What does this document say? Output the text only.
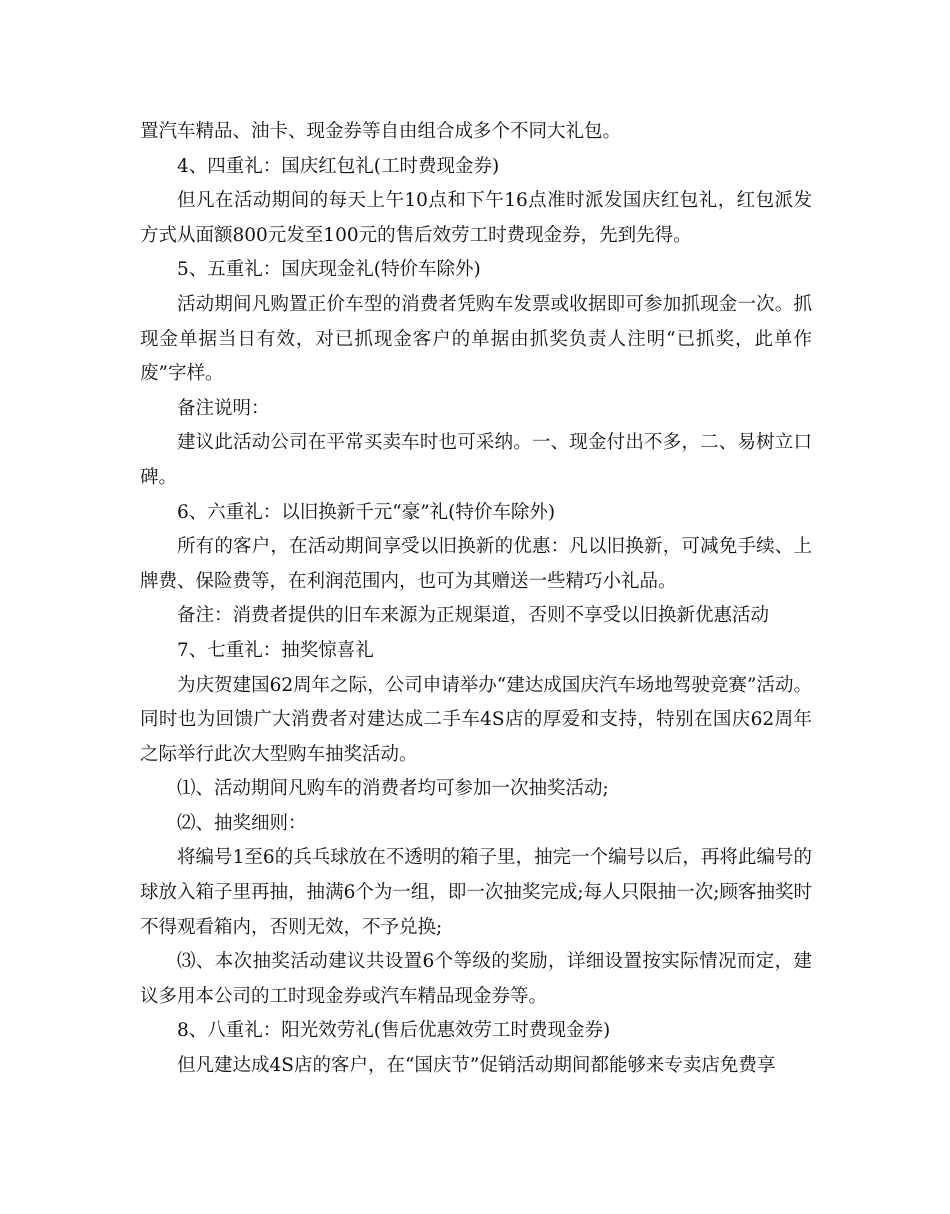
置汽车精品、油卡、现金券等自由组合成多个不同大礼包。

4、四重礼：国庆红包礼(工时费现金券)

但凡在活动期间的每天上午10点和下午16点准时派发国庆红包礼，红包派发方式从面额800元发至100元的售后效劳工时费现金券，先到先得。

5、五重礼：国庆现金礼(特价车除外)

活动期间凡购置正价车型的消费者凭购车发票或收据即可参加抓现金一次。抓现金单据当日有效，对已抓现金客户的单据由抓奖负责人注明“已抓奖，此单作废”字样。

备注说明：

建议此活动公司在平常买卖车时也可采纳。一、现金付出不多，二、易树立口碑。

6、六重礼：以旧换新千元“豪”礼(特价车除外)

所有的客户，在活动期间享受以旧换新的优惠：凡以旧换新，可减免手续、上牌费、保险费等，在利润范围内，也可为其赠送一些精巧小礼品。

备注：消费者提供的旧车来源为正规渠道，否则不享受以旧换新优惠活动

7、七重礼：抽奖惊喜礼

为庆贺建国62周年之际，公司申请举办“建达成国庆汽车场地驾驶竞赛”活动。同时也为回馈广大消费者对建达成二手车4S店的厚爱和支持，特别在国庆62周年之际举行此次大型购车抽奖活动。

⑴、活动期间凡购车的消费者均可参加一次抽奖活动;

⑵、抽奖细则：

将编号1至6的兵乓球放在不透明的箱子里，抽完一个编号以后，再将此编号的球放入箱子里再抽，抽满6个为一组，即一次抽奖完成;每人只限抽一次;顾客抽奖时不得观看箱内，否则无效，不予兑换;

⑶、本次抽奖活动建议共设置6个等级的奖励，详细设置按实际情况而定，建议多用本公司的工时现金券或汽车精品现金券等。

8、八重礼：阳光效劳礼(售后优惠效劳工时费现金券)

但凡建达成4S店的客户，在“国庆节”促销活动期间都能够来专卖店免费享
